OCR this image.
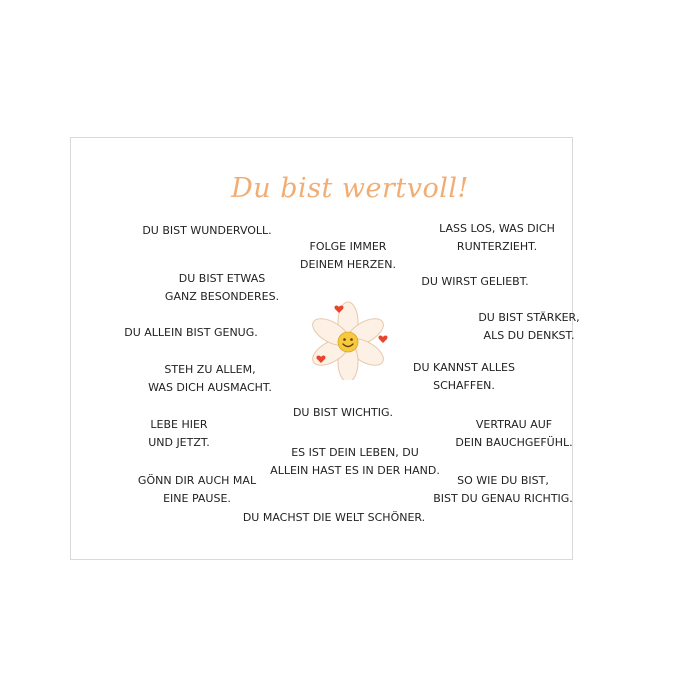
Du bist wertvoll!
DU BIST WUNDERVOLL.
FOLGE IMMER
DEINEM HERZEN.
LASS LOS, WAS DICH
RUNTERZIEHT.
DU BIST ETWAS
GANZ BESONDERES.
DU WIRST GELIEBT.
DU ALLEIN BIST GENUG.
DU BIST STÄRKER,
ALS DU DENKST.
STEH ZU ALLEM,
WAS DICH AUSMACHT.
DU KANNST ALLES
SCHAFFEN.
DU BIST WICHTIG.
LEBE HIER
UND JETZT.
VERTRAU AUF
DEIN BAUCHGEFÜHL.
ES IST DEIN LEBEN, DU
ALLEIN HAST ES IN DER HAND.
GÖNN DIR AUCH MAL
EINE PAUSE.
SO WIE DU BIST,
BIST DU GENAU RICHTIG.
DU MACHST DIE WELT SCHÖNER.
